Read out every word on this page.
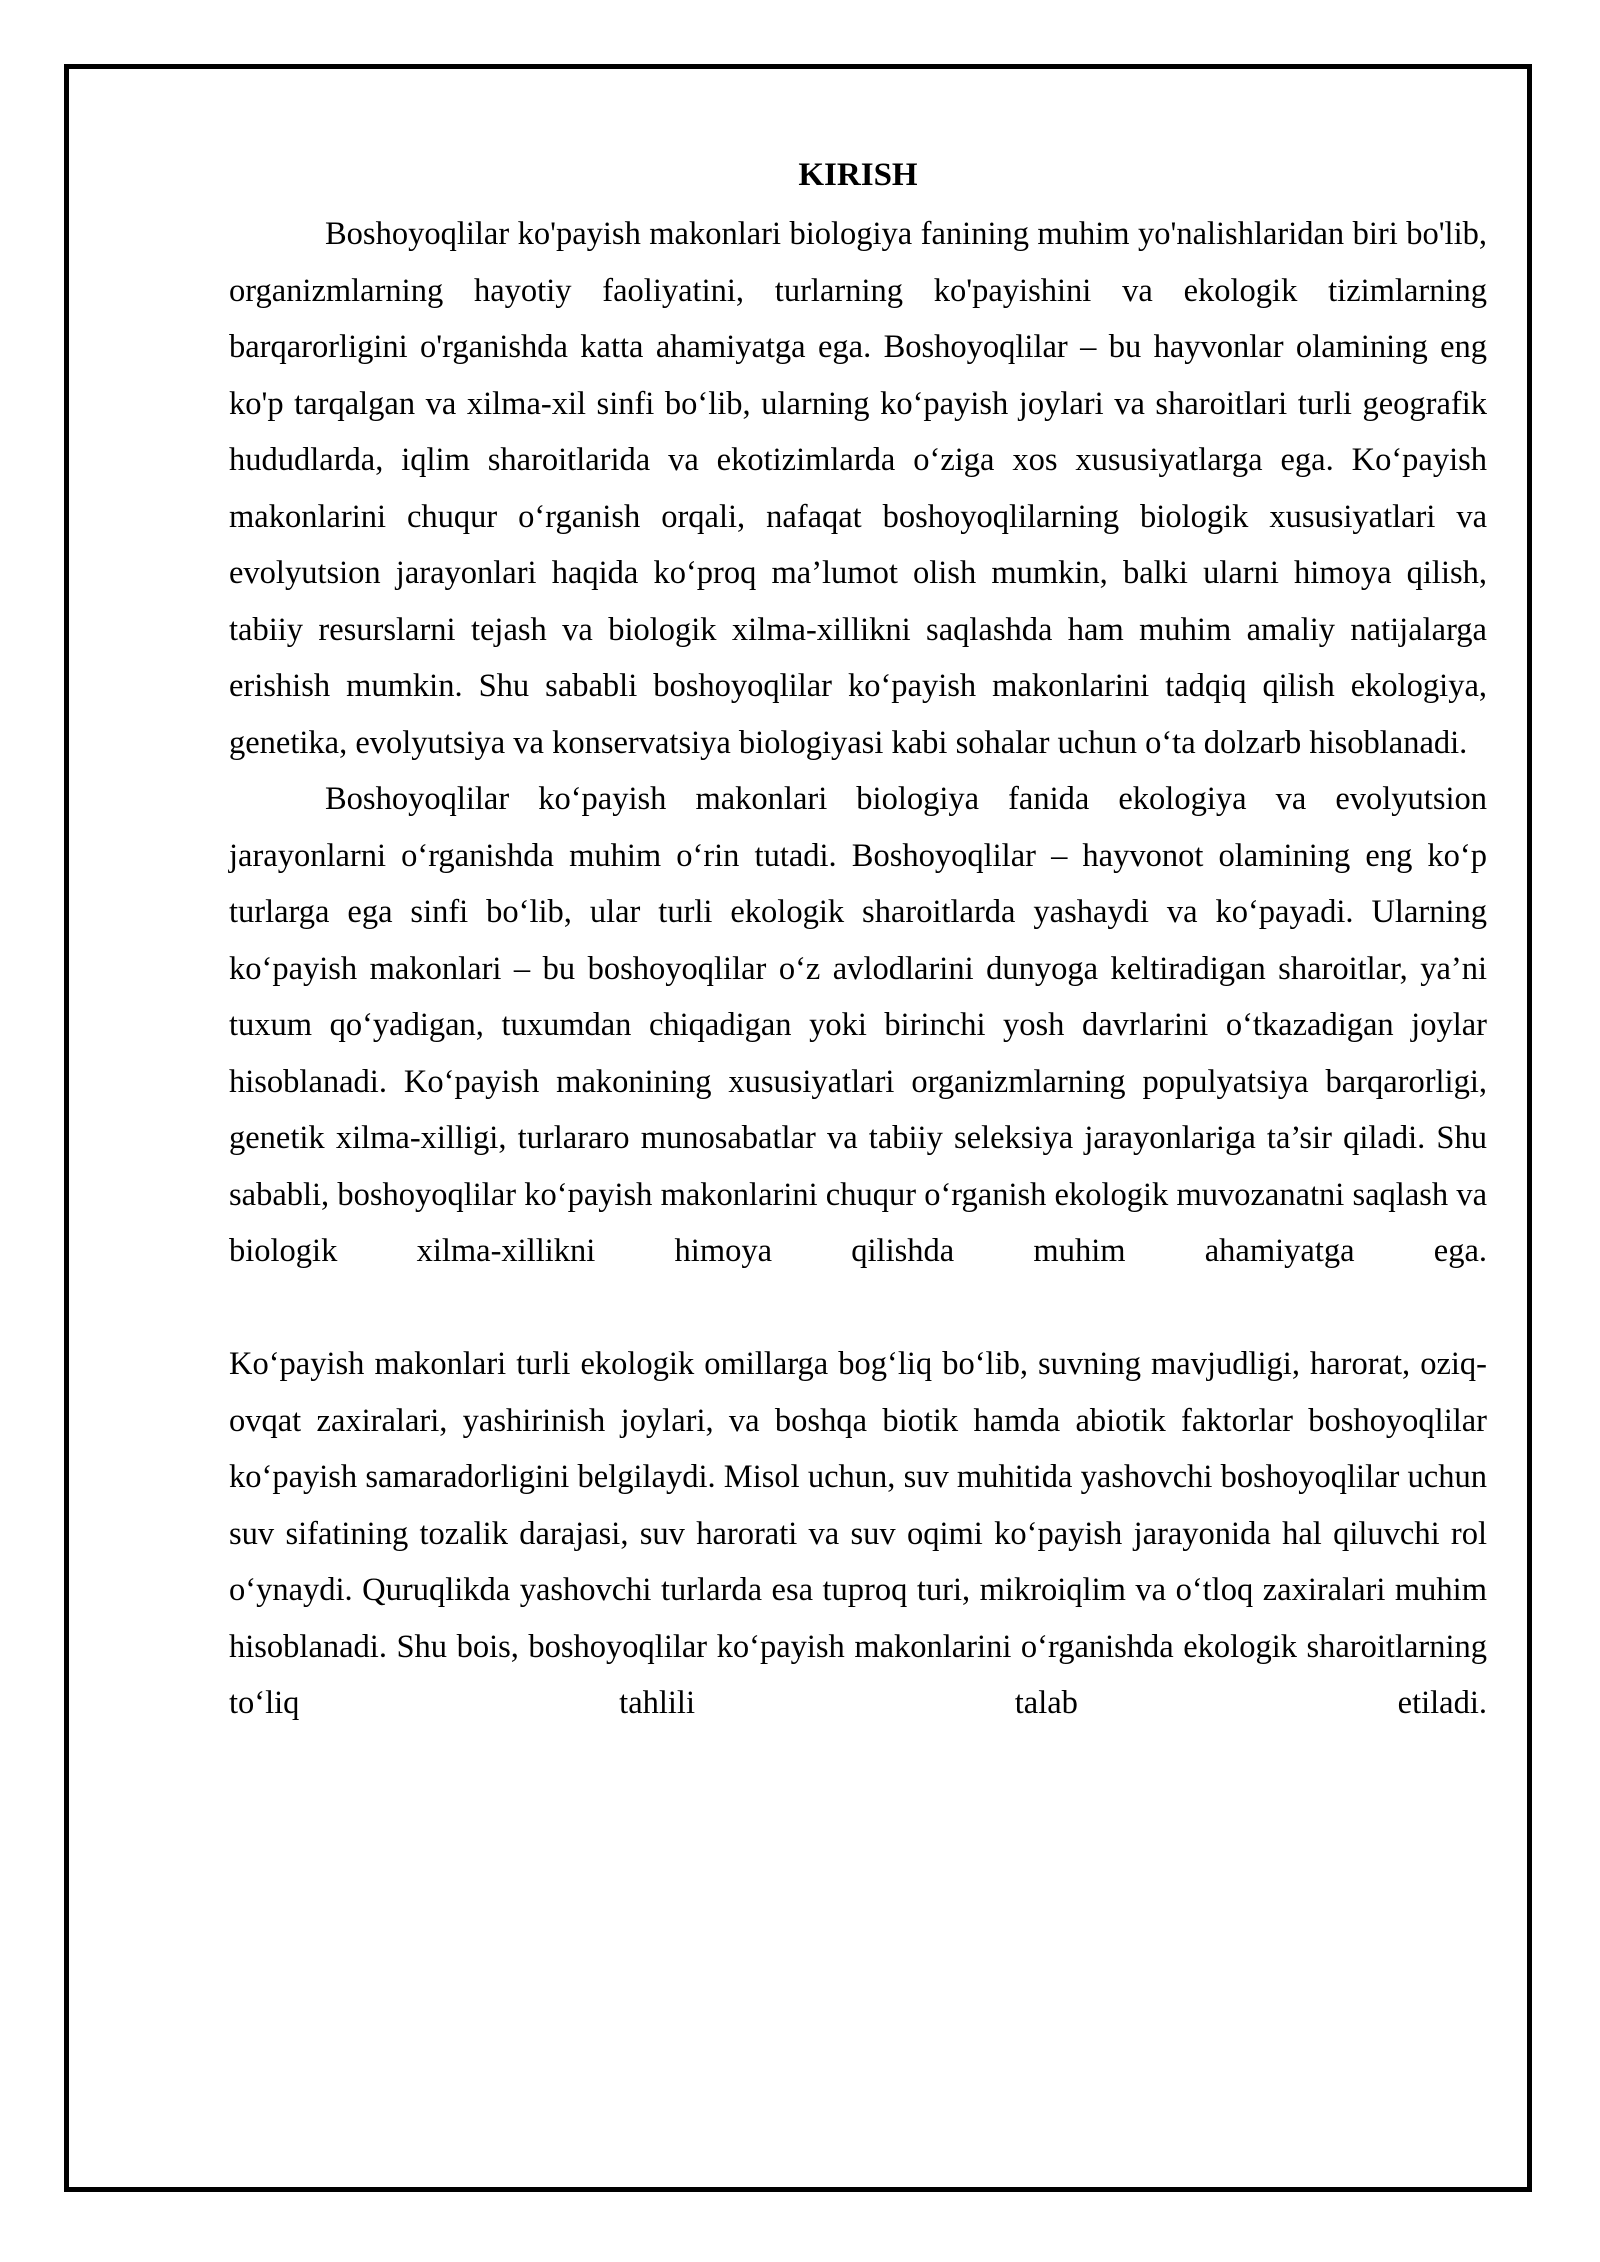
KIRISH

Boshoyoqlilar ko'payish makonlari biologiya fanining muhim yo'nalishlaridan biri bo'lib, organizmlarning hayotiy faoliyatini, turlarning ko'payishini va ekologik tizimlarning barqarorligini o'rganishda katta ahamiyatga ega. Boshoyoqlilar – bu hayvonlar olamining eng ko'p tarqalgan va xilma-xil sinfi bo‘lib, ularning ko‘payish joylari va sharoitlari turli geografik hududlarda, iqlim sharoitlarida va ekotizimlarda o‘ziga xos xususiyatlarga ega. Ko‘payish makonlarini chuqur o‘rganish orqali, nafaqat boshoyoqlilarning biologik xususiyatlari va evolyutsion jarayonlari haqida ko‘proq ma’lumot olish mumkin, balki ularni himoya qilish, tabiiy resurslarni tejash va biologik xilma-xillikni saqlashda ham muhim amaliy natijalarga erishish mumkin. Shu sababli boshoyoqlilar ko‘payish makonlarini tadqiq qilish ekologiya, genetika, evolyutsiya va konservatsiya biologiyasi kabi sohalar uchun o‘ta dolzarb hisoblanadi.

Boshoyoqlilar ko‘payish makonlari biologiya fanida ekologiya va evolyutsion jarayonlarni o‘rganishda muhim o‘rin tutadi. Boshoyoqlilar – hayvonot olamining eng ko‘p turlarga ega sinfi bo‘lib, ular turli ekologik sharoitlarda yashaydi va ko‘payadi. Ularning ko‘payish makonlari – bu boshoyoqlilar o‘z avlodlarini dunyoga keltiradigan sharoitlar, ya’ni tuxum qo‘yadigan, tuxumdan chiqadigan yoki birinchi yosh davrlarini o‘tkazadigan joylar hisoblanadi. Ko‘payish makonining xususiyatlari organizmlarning populyatsiya barqarorligi, genetik xilma-xilligi, turlararo munosabatlar va tabiiy seleksiya jarayonlariga ta’sir qiladi. Shu sababli, boshoyoqlilar ko‘payish makonlarini chuqur o‘rganish ekologik muvozanatni saqlash va biologik xilma-xillikni himoya qilishda muhim ahamiyatga ega.

Ko‘payish makonlari turli ekologik omillarga bog‘liq bo‘lib, suvning mavjudligi, harorat, oziq-ovqat zaxiralari, yashirinish joylari, va boshqa biotik hamda abiotik faktorlar boshoyoqlilar ko‘payish samaradorligini belgilaydi. Misol uchun, suv muhitida yashovchi boshoyoqlilar uchun suv sifatining tozalik darajasi, suv harorati va suv oqimi ko‘payish jarayonida hal qiluvchi rol o‘ynaydi. Quruqlikda yashovchi turlarda esa tuproq turi, mikroiqlim va o‘tloq zaxiralari muhim hisoblanadi. Shu bois, boshoyoqlilar ko‘payish makonlarini o‘rganishda ekologik sharoitlarning to‘liq tahlili talab etiladi.
